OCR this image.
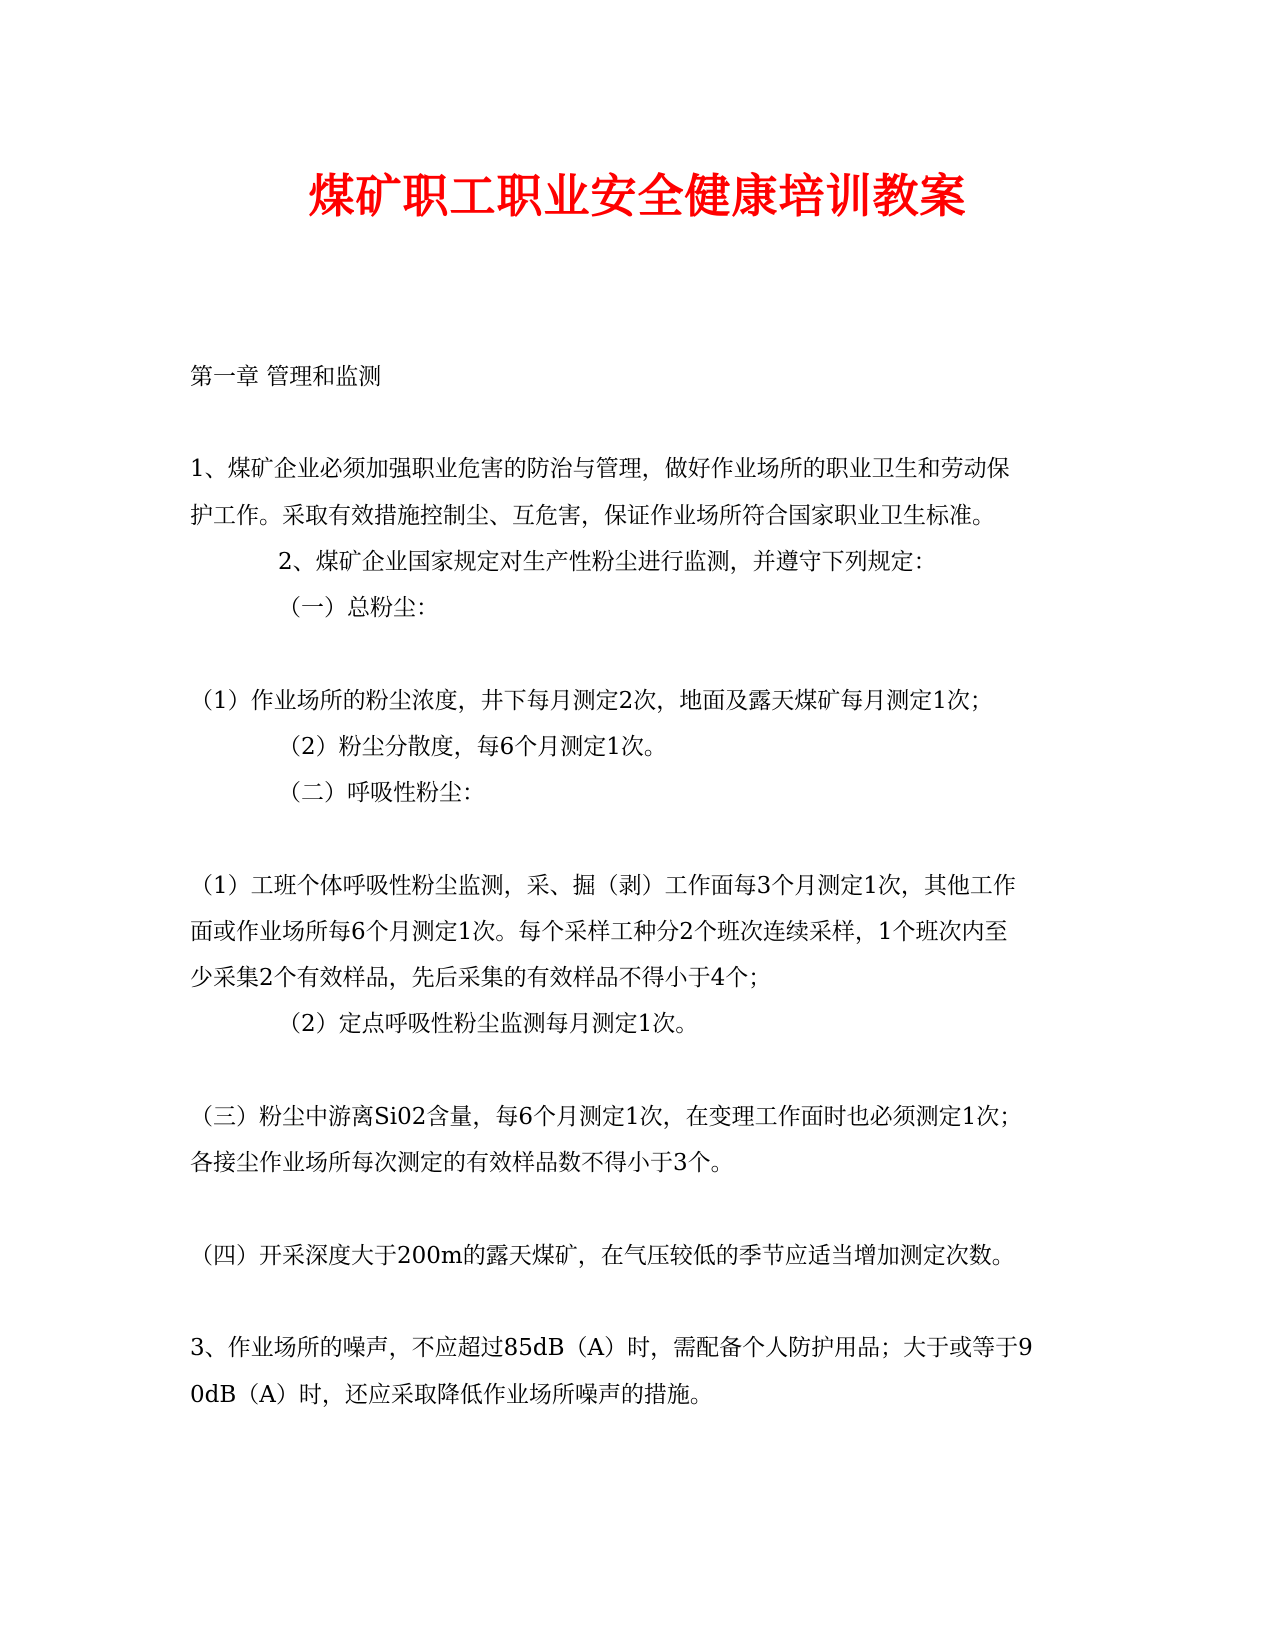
煤矿职工职业安全健康培训教案
第一章 管理和监测
1、煤矿企业必须加强职业危害的防治与管理，做好作业场所的职业卫生和劳动保
护工作。采取有效措施控制尘、互危害，保证作业场所符合国家职业卫生标准。
2、煤矿企业国家规定对生产性粉尘进行监测，并遵守下列规定：
（一）总粉尘：
（1）作业场所的粉尘浓度，井下每月测定2次，地面及露天煤矿每月测定1次；
（2）粉尘分散度，每6个月测定1次。
（二）呼吸性粉尘：
（1）工班个体呼吸性粉尘监测，采、掘（剥）工作面每3个月测定1次，其他工作
面或作业场所每6个月测定1次。每个采样工种分2个班次连续采样，1个班次内至
少采集2个有效样品，先后采集的有效样品不得小于4个；
（2）定点呼吸性粉尘监测每月测定1次。
（三）粉尘中游离Si02含量，每6个月测定1次，在变理工作面时也必须测定1次；
各接尘作业场所每次测定的有效样品数不得小于3个。
（四）开采深度大于200m的露天煤矿，在气压较低的季节应适当增加测定次数。
3、作业场所的噪声，不应超过85dB（A）时，需配备个人防护用品；大于或等于9
0dB（A）时，还应采取降低作业场所噪声的措施。
